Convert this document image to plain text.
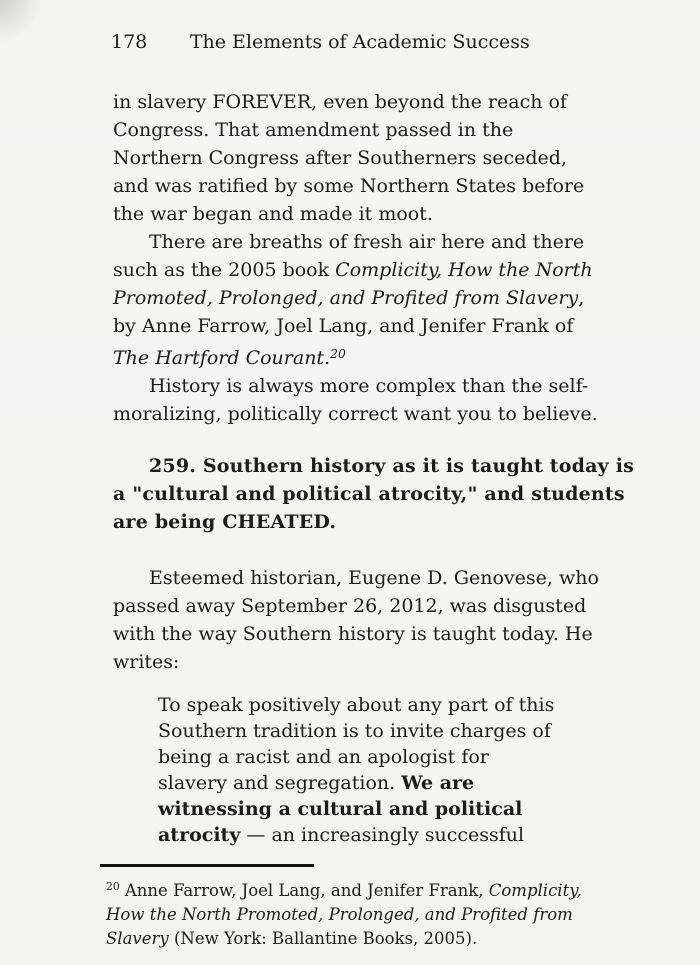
178 The Elements of Academic Success
in slavery FOREVER, even beyond the reach of
Congress. That amendment passed in the
Northern Congress after Southerners seceded,
and was ratified by some Northern States before
the war began and made it moot.
There are breaths of fresh air here and there
such as the 2005 book Complicity, How the North
Promoted, Prolonged, and Profited from Slavery,
by Anne Farrow, Joel Lang, and Jenifer Frank of
The Hartford Courant.$^{20}$
History is always more complex than the self-
moralizing, politically correct want you to believe.
259. Southern history as it is taught today is
a "cultural and political atrocity," and students
are being CHEATED.
Esteemed historian, Eugene D. Genovese, who
passed away September 26, 2012, was disgusted
with the way Southern history is taught today. He
writes:
To speak positively about any part of this
Southern tradition is to invite charges of
being a racist and an apologist for
slavery and segregation. We are
witnessing a cultural and political
atrocity — an increasingly successful
$^{20}$ Anne Farrow, Joel Lang, and Jenifer Frank, Complicity,
How the North Promoted, Prolonged, and Profited from
Slavery (New York: Ballantine Books, 2005).
